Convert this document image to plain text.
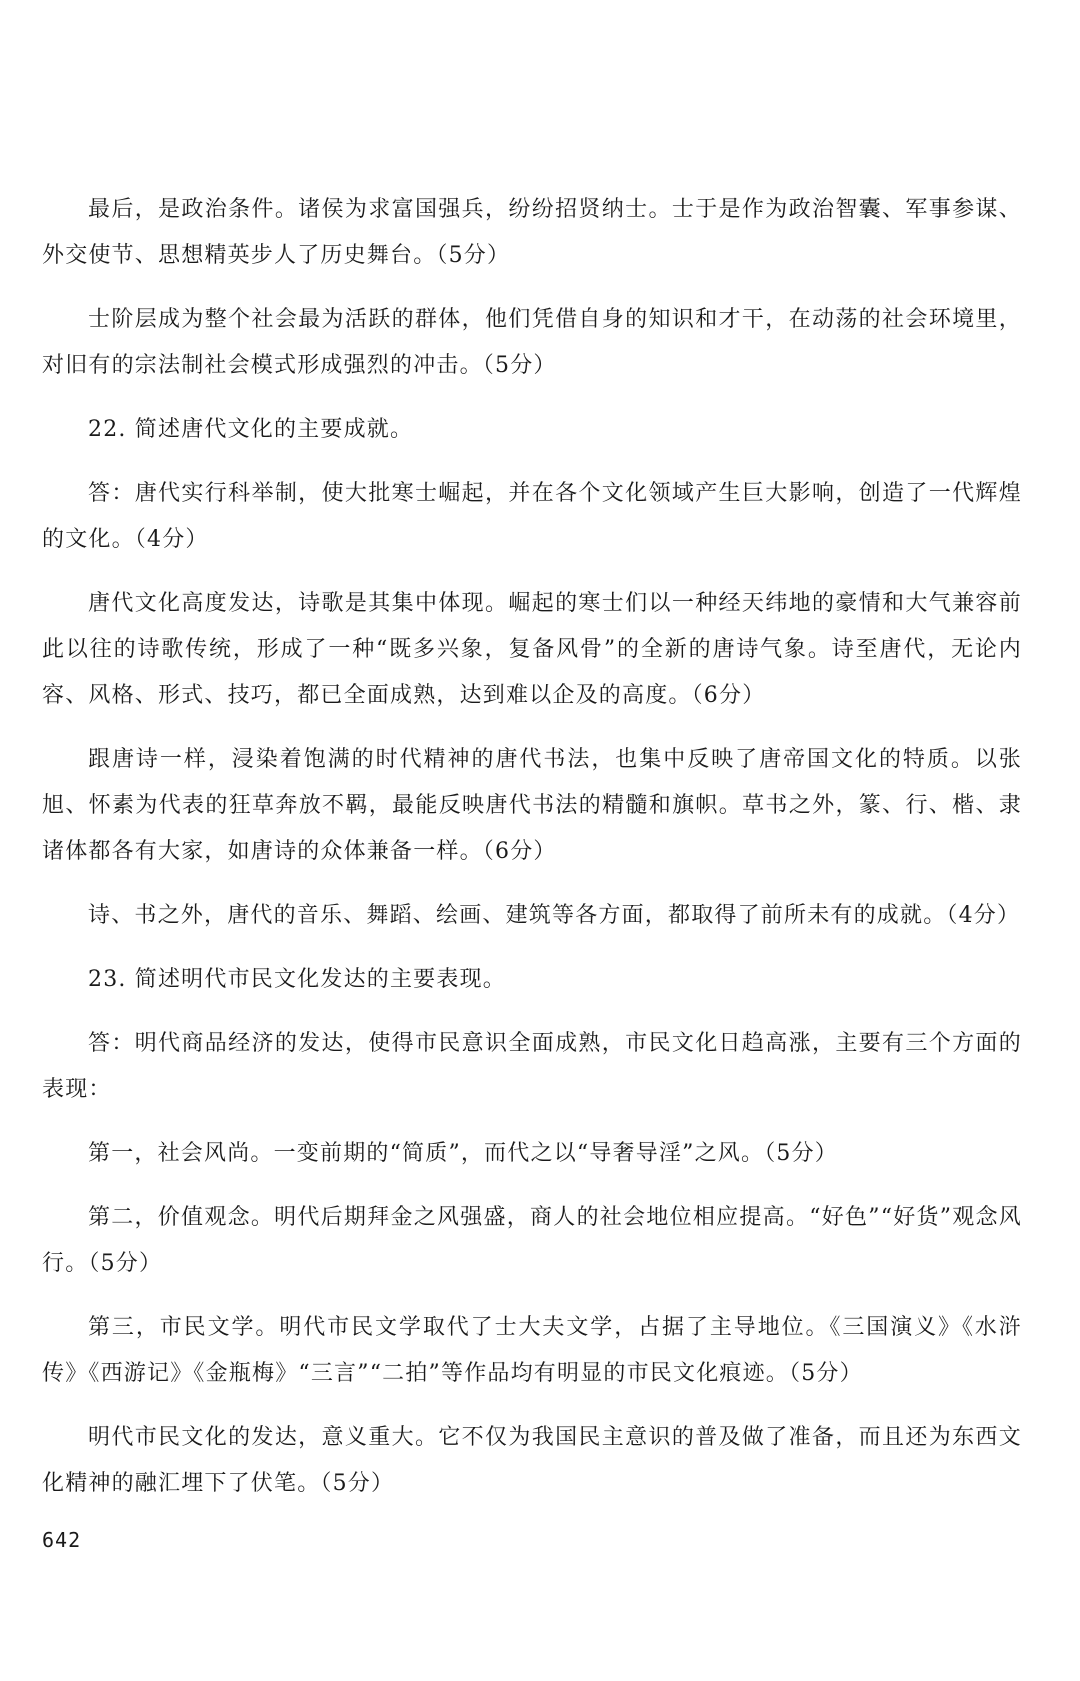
最后，是政治条件。诸侯为求富国强兵，纷纷招贤纳士。士于是作为政治智囊、军事参谋、外交使节、思想精英步人了历史舞台。（5分）

士阶层成为整个社会最为活跃的群体，他们凭借自身的知识和才干，在动荡的社会环境里，对旧有的宗法制社会模式形成强烈的冲击。（5分）

22. 简述唐代文化的主要成就。

答：唐代实行科举制，使大批寒士崛起，并在各个文化领域产生巨大影响，创造了一代辉煌的文化。（4分）

唐代文化高度发达，诗歌是其集中体现。崛起的寒士们以一种经天纬地的豪情和大气兼容前此以往的诗歌传统，形成了一种“既多兴象，复备风骨”的全新的唐诗气象。诗至唐代，无论内容、风格、形式、技巧，都已全面成熟，达到难以企及的高度。（6分）

跟唐诗一样，浸染着饱满的时代精神的唐代书法，也集中反映了唐帝国文化的特质。以张旭、怀素为代表的狂草奔放不羁，最能反映唐代书法的精髓和旗帜。草书之外，篆、行、楷、隶诸体都各有大家，如唐诗的众体兼备一样。（6分）

诗、书之外，唐代的音乐、舞蹈、绘画、建筑等各方面，都取得了前所未有的成就。（4分）

23. 简述明代市民文化发达的主要表现。

答：明代商品经济的发达，使得市民意识全面成熟，市民文化日趋高涨，主要有三个方面的表现：

第一，社会风尚。一变前期的“简质”，而代之以“导奢导淫”之风。（5分）

第二，价值观念。明代后期拜金之风强盛，商人的社会地位相应提高。“好色”“好货”观念风行。（5分）

第三，市民文学。明代市民文学取代了士大夫文学，占据了主导地位。《三国演义》《水浒传》《西游记》《金瓶梅》“三言”“二拍”等作品均有明显的市民文化痕迹。（5分）

明代市民文化的发达，意义重大。它不仅为我国民主意识的普及做了准备，而且还为东西文化精神的融汇埋下了伏笔。（5分）

642
